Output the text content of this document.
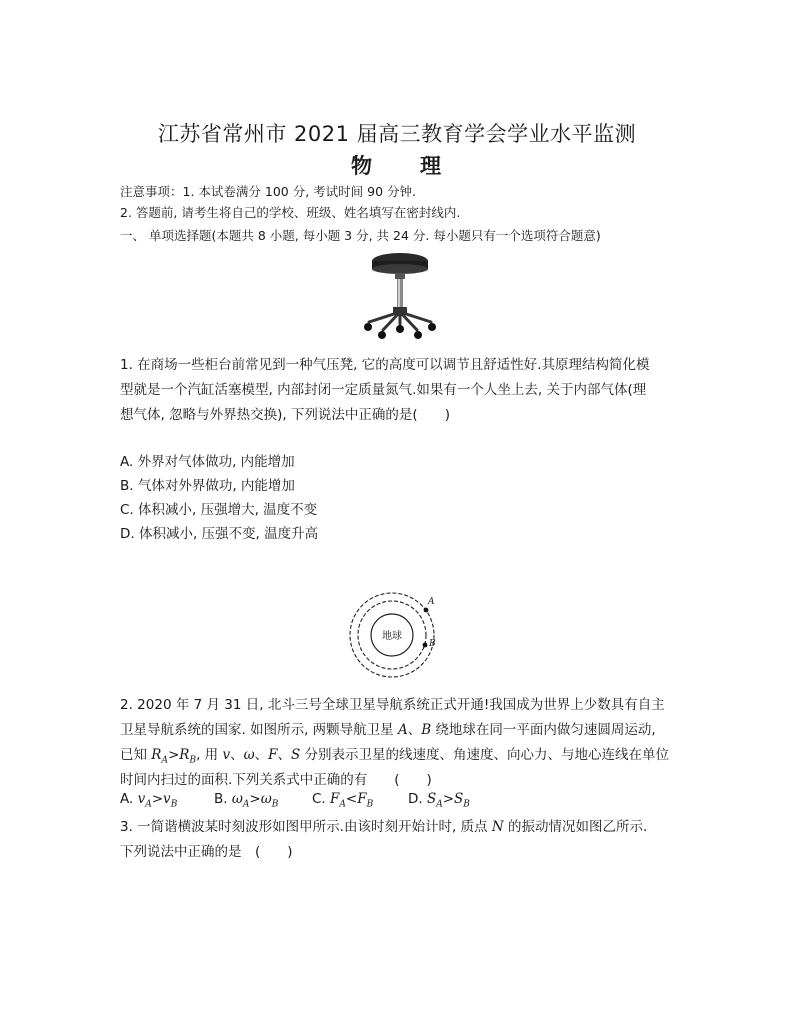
江苏省常州市 2021 届高三教育学会学业水平监测
物　　理
注意事项：1. 本试卷满分 100 分, 考试时间 90 分钟.
2. 答题前, 请考生将自己的学校、班级、姓名填写在密封线内.
一、 单项选择题(本题共 8 小题, 每小题 3 分, 共 24 分. 每小题只有一个选项符合题意)
1. 在商场一些柜台前常见到一种气压凳, 它的高度可以调节且舒适性好.其原理结构简化模
型就是一个汽缸活塞模型, 内部封闭一定质量氮气.如果有一个人坐上去, 关于内部气体(理
想气体, 忽略与外界热交换), 下列说法中正确的是(　　)
A. 外界对气体做功, 内能增加
B. 气体对外界做功, 内能增加
C. 体积减小, 压强增大, 温度不变
D. 体积减小, 压强不变, 温度升高
地球
A
B
2. 2020 年 7 月 31 日, 北斗三号全球卫星导航系统正式开通!我国成为世界上少数具有自主
卫星导航系统的国家. 如图所示, 两颗导航卫星 A、B 绕地球在同一平面内做匀速圆周运动,
已知 $R_A>R_B$, 用 v、ω、F、S 分别表示卫星的线速度、角速度、向心力、与地心连线在单位
时间内扫过的面积.下列关系式中正确的有　　(　　)
A. $v_A>v_B$	B. $\omega_A>\omega_B$ C. $F_A<F_B$	D. $S_A>S_B$
3. 一简谐横波某时刻波形如图甲所示.由该时刻开始计时, 质点 N 的振动情况如图乙所示.
下列说法中正确的是　(　　)
